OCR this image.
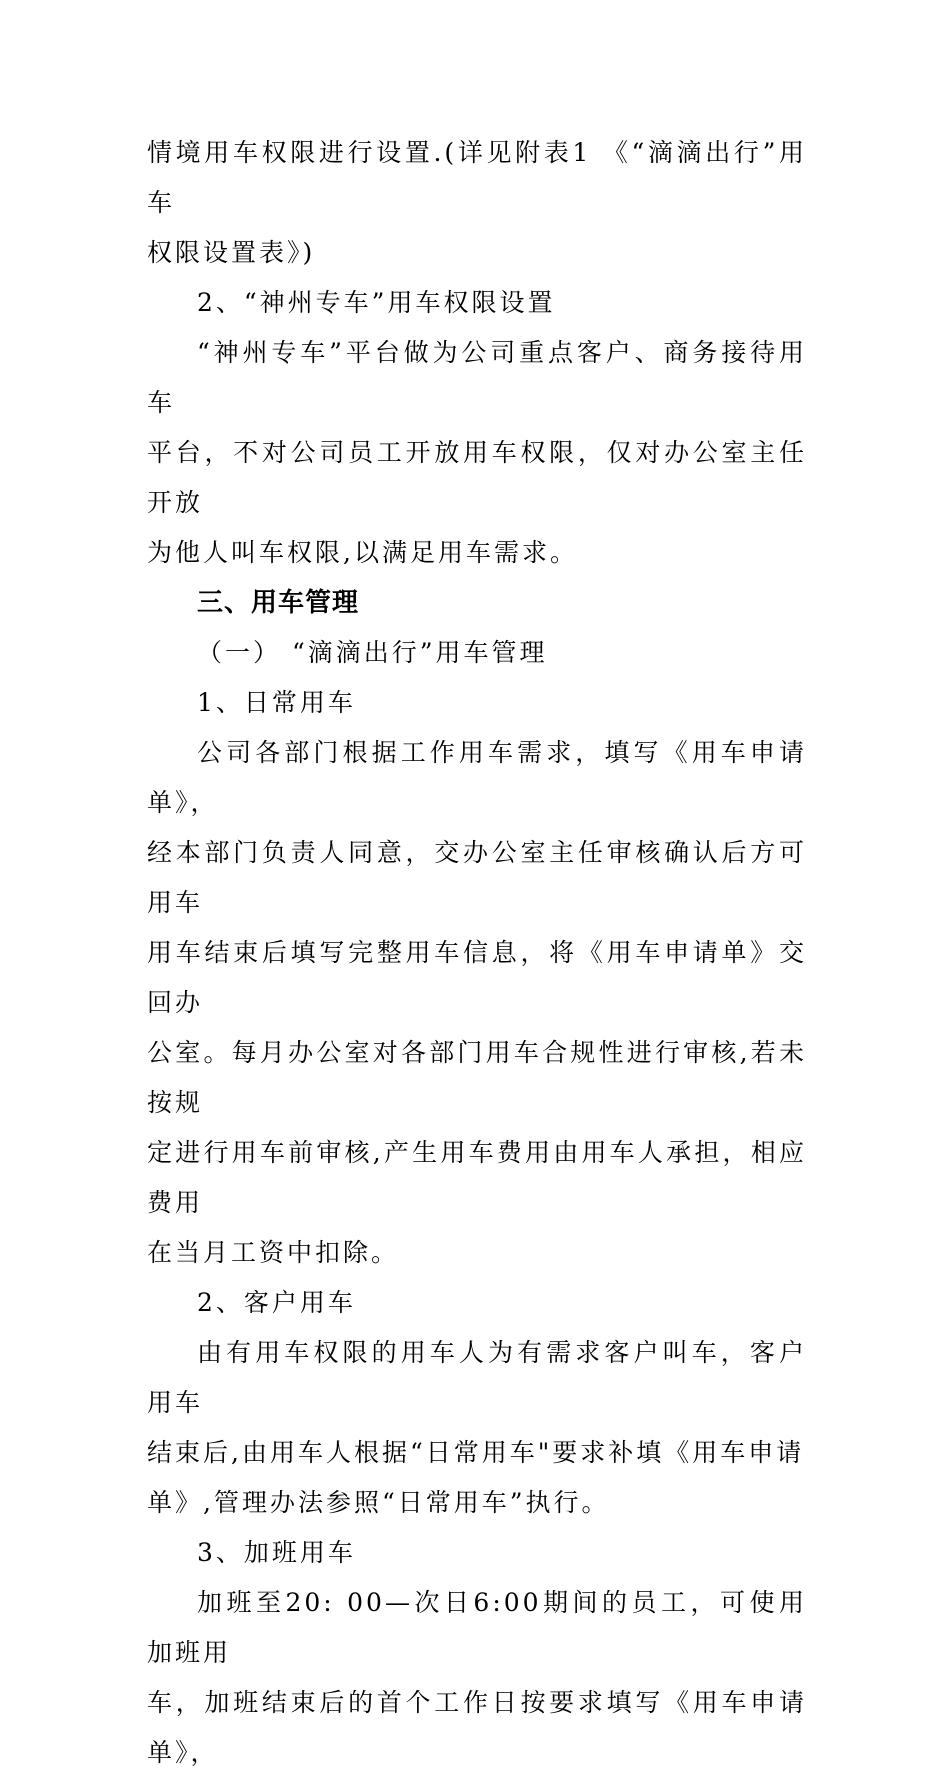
情境用车权限进行设置.(详见附表1 《“滴滴出行”用车
权限设置表》)

2、“神州专车”用车权限设置

“神州专车”平台做为公司重点客户、商务接待用车
平台，不对公司员工开放用车权限，仅对办公室主任开放
为他人叫车权限,以满足用车需求。

三、用车管理

（一） “滴滴出行”用车管理

1、日常用车

公司各部门根据工作用车需求，填写《用车申请单》，
经本部门负责人同意，交办公室主任审核确认后方可用车
用车结束后填写完整用车信息，将《用车申请单》交回办
公室。每月办公室对各部门用车合规性进行审核,若未按规
定进行用车前审核,产生用车费用由用车人承担，相应费用
在当月工资中扣除。

2、客户用车

由有用车权限的用车人为有需求客户叫车，客户用车
结束后,由用车人根据“日常用车"要求补填《用车申请
单》,管理办法参照“日常用车”执行。

3、加班用车

加班至20: 00—次日6:00期间的员工，可使用加班用
车，加班结束后的首个工作日按要求填写《用车申请单》，
